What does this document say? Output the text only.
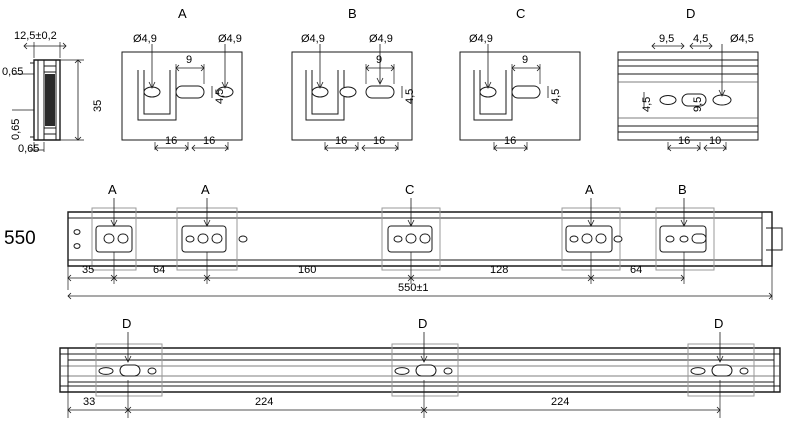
A	B	C	D
12,5±0,2
35
0,65
0,65
0,65
Ø4,9	Ø4,9
9
4,5
16 16
Ø4,9	Ø4,9
9
4,5
16 16
Ø4,9
9
4,5
16
9,5 4,5 Ø4,5
4,5	9,5
16 10
550
A	A	C	A	B
35	64	160	128	64
550±1
D	D	D
33	224	224
